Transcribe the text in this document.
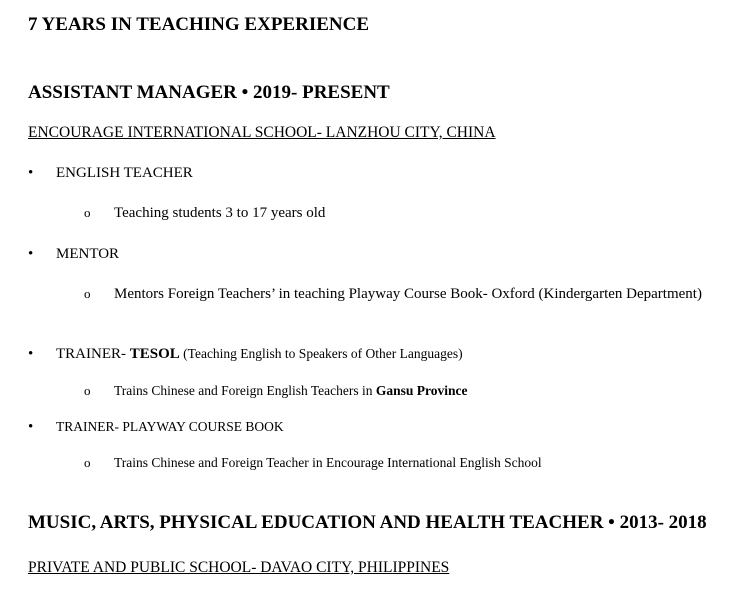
7 YEARS IN TEACHING EXPERIENCE
ASSISTANT MANAGER • 2019- PRESENT
ENCOURAGE INTERNATIONAL SCHOOL- LANZHOU CITY, CHINA
•	ENGLISH TEACHER
o	Teaching students 3 to 17 years old
•	MENTOR
o	Mentors Foreign Teachers’ in teaching Playway Course Book- Oxford (Kindergarten Department)
•	TRAINER- TESOL (Teaching English to Speakers of Other Languages)
o	Trains Chinese and Foreign English Teachers in Gansu Province
•	TRAINER- PLAYWAY COURSE BOOK
o	Trains Chinese and Foreign Teacher in Encourage International English School
MUSIC, ARTS, PHYSICAL EDUCATION AND HEALTH TEACHER • 2013- 2018
PRIVATE AND PUBLIC SCHOOL- DAVAO CITY, PHILIPPINES
